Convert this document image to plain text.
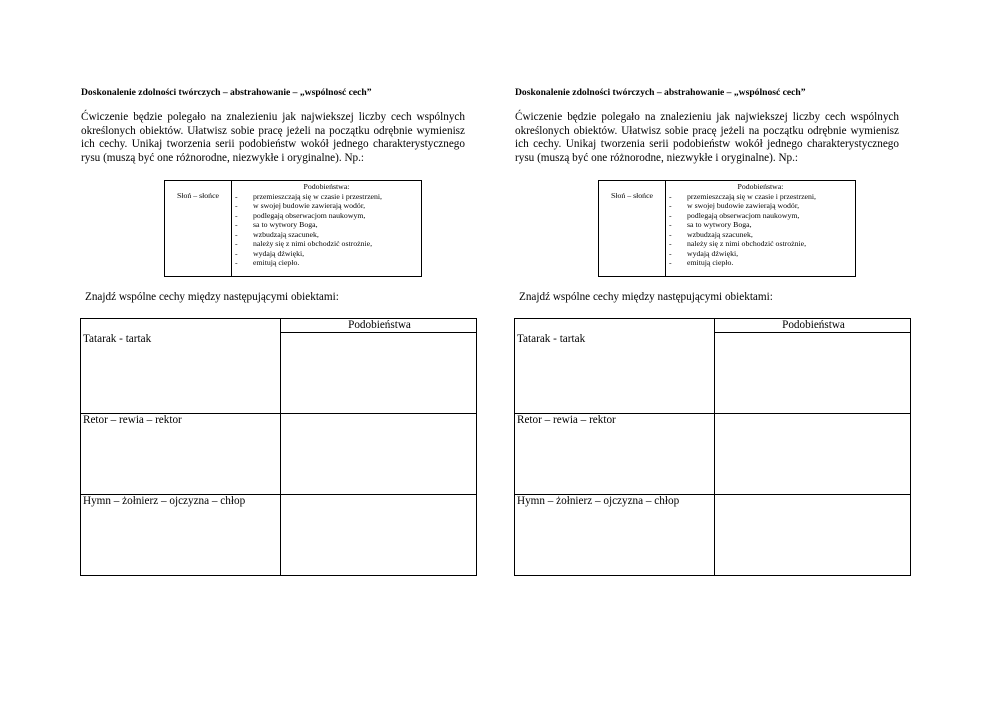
Doskonalenie zdolności twórczych – abstrahowanie – „wspólnosć cech”

Ćwiczenie będzie polegało na znalezieniu jak najwiekszej liczby cech wspólnych określonych obiektów. Ułatwisz sobie pracę jeżeli na początku odrębnie wymienisz ich cechy. Unikaj tworzenia serii podobieństw wokół jednego charakterystycznego rysu (muszą być one różnorodne, niezwykłe i oryginalne). Np.:

Słoń – słońce	
Podobieństwa:
-	przemieszczają się w czasie i przestrzeni,
-	w swojej budowie zawierają wodór,
-	podlegają obserwacjom naukowym,
-	sa to wytwory Boga,
-	wzbudzają szacunek,
-	należy się z nimi obchodzić ostrożnie,
-	wydają dźwięki,
-	emitują ciepło.
Znajdź wspólne cechy między następującymi obiektami:
	Podobieństwa
Tatarak - tartak	
Retor – rewia – rektor	
Hymn – żołnierz – ojczyzna – chłop	
Doskonalenie zdolności twórczych – abstrahowanie – „wspólnosć cech”

Ćwiczenie będzie polegało na znalezieniu jak najwiekszej liczby cech wspólnych określonych obiektów. Ułatwisz sobie pracę jeżeli na początku odrębnie wymienisz ich cechy. Unikaj tworzenia serii podobieństw wokół jednego charakterystycznego rysu (muszą być one różnorodne, niezwykłe i oryginalne). Np.:

Słoń – słońce	
Podobieństwa:
-	przemieszczają się w czasie i przestrzeni,
-	w swojej budowie zawierają wodór,
-	podlegają obserwacjom naukowym,
-	sa to wytwory Boga,
-	wzbudzają szacunek,
-	należy się z nimi obchodzić ostrożnie,
-	wydają dźwięki,
-	emitują ciepło.
Znajdź wspólne cechy między następującymi obiektami:
	Podobieństwa
Tatarak - tartak	
Retor – rewia – rektor	
Hymn – żołnierz – ojczyzna – chłop	
